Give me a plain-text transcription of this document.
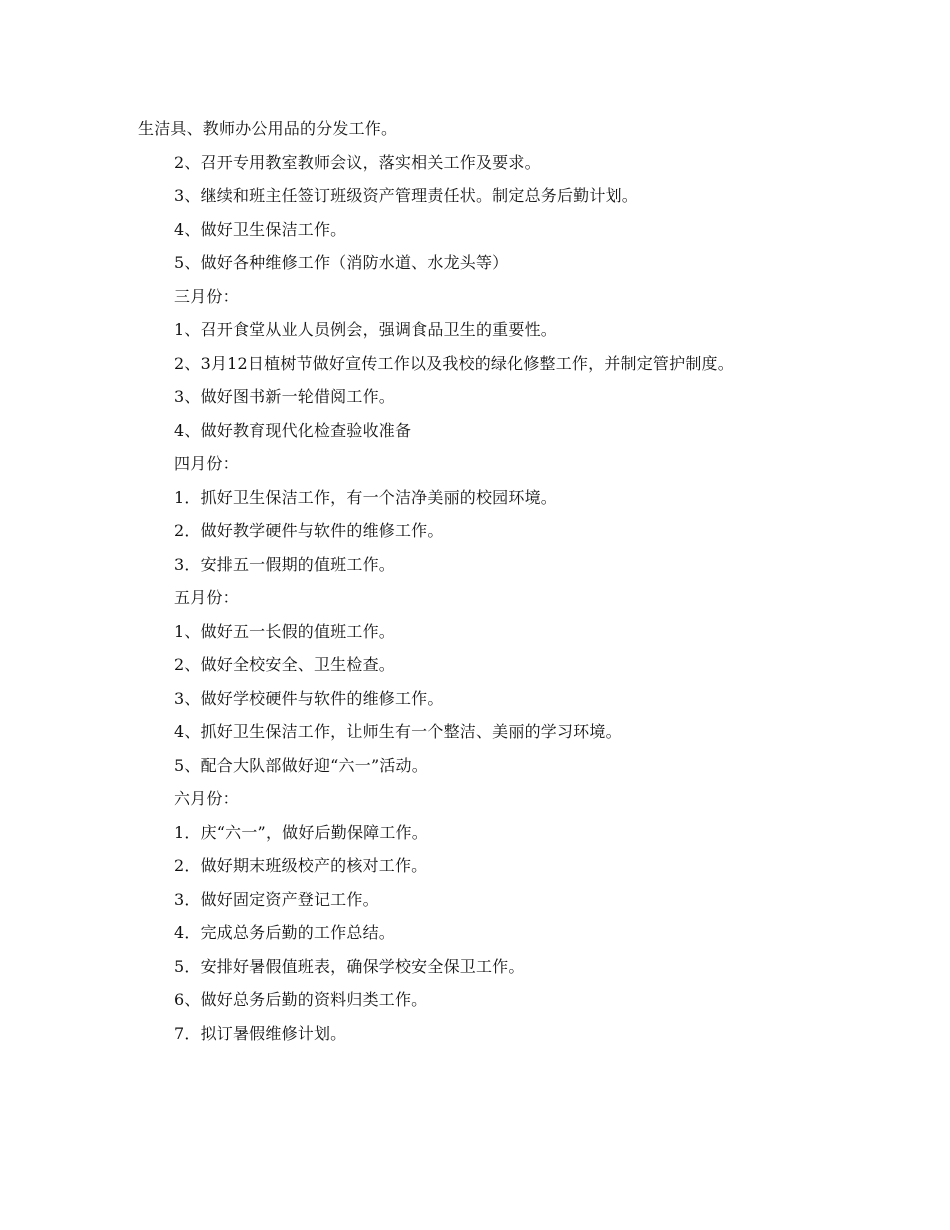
生洁具、教师办公用品的分发工作。
2、召开专用教室教师会议，落实相关工作及要求。
3、继续和班主任签订班级资产管理责任状。制定总务后勤计划。
4、做好卫生保洁工作。
5、做好各种维修工作（消防水道、水龙头等）
三月份：
1、召开食堂从业人员例会，强调食品卫生的重要性。
2、3月12日植树节做好宣传工作以及我校的绿化修整工作，并制定管护制度。
3、做好图书新一轮借阅工作。
4、做好教育现代化检查验收准备
四月份：
1．抓好卫生保洁工作，有一个洁净美丽的校园环境。
2．做好教学硬件与软件的维修工作。
3．安排五一假期的值班工作。
五月份：
1、做好五一长假的值班工作。
2、做好全校安全、卫生检查。
3、做好学校硬件与软件的维修工作。
4、抓好卫生保洁工作，让师生有一个整洁、美丽的学习环境。
5、配合大队部做好迎“六一”活动。
六月份：
1．庆“六一”，做好后勤保障工作。
2．做好期末班级校产的核对工作。
3．做好固定资产登记工作。
4．完成总务后勤的工作总结。
5．安排好暑假值班表，确保学校安全保卫工作。
6、做好总务后勤的资料归类工作。
7．拟订暑假维修计划。
